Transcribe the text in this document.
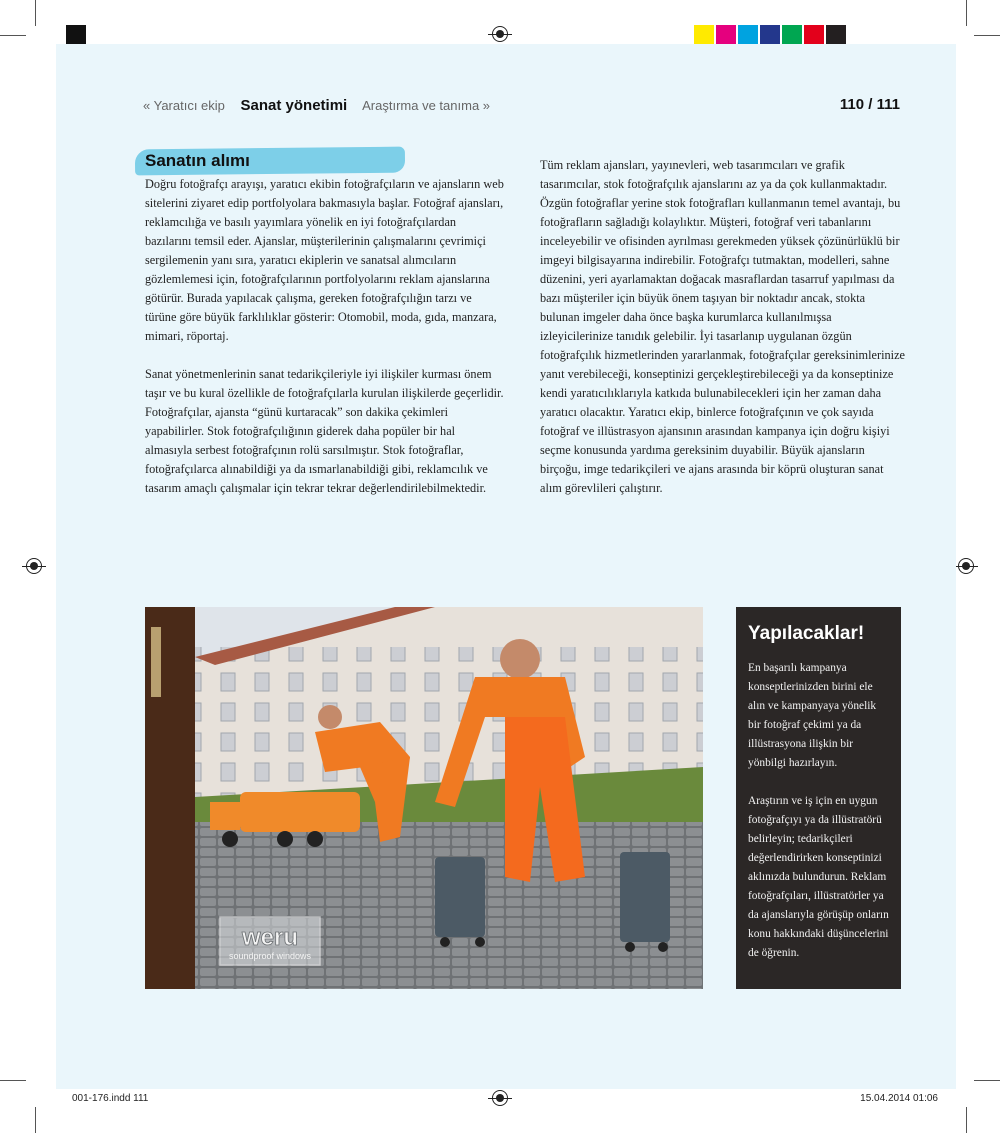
« Yaratıcı ekip Sanat yönetimi Araştırma ve tanıma »	110 / 111
Sanatın alımı

Doğru fotoğrafçı arayışı, yaratıcı ekibin fotoğrafçıların ve ajansların web sitelerini ziyaret edip portfolyolara bakmasıyla başlar. Fotoğraf ajansları, reklamcılığa ve basılı yayımlara yönelik en iyi fotoğrafçılardan bazılarını temsil eder. Ajanslar, müşterilerinin çalışmalarını çevrimiçi sergilemenin yanı sıra, yaratıcı ekiplerin ve sanatsal alımcıların gözlemlemesi için, fotoğrafçılarının portfolyolarını reklam ajanslarına götürür. Burada yapılacak çalışma, gereken fotoğrafçılığın tarzı ve türüne göre büyük farklılıklar gösterir: Otomobil, moda, gıda, manzara, mimari, röportaj.

Sanat yönetmenlerinin sanat tedarikçileriyle iyi ilişkiler kurması önem taşır ve bu kural özellikle de fotoğrafçılarla kurulan ilişkilerde geçerlidir. Fotoğrafçılar, ajansta “günü kurtaracak” son dakika çekimleri yapabilirler. Stok fotoğrafçılığının giderek daha popüler bir hal almasıyla serbest fotoğrafçının rolü sarsılmıştır. Stok fotoğraflar, fotoğrafçılarca alınabildiği ya da ısmarlanabildiği gibi, reklamcılık ve tasarım amaçlı çalışmalar için tekrar tekrar değerlendirilebilmektedir.

Tüm reklam ajansları, yayınevleri, web tasarımcıları ve grafik tasarımcılar, stok fotoğrafçılık ajanslarını az ya da çok kullanmaktadır. Özgün fotoğraflar yerine stok fotoğrafları kullanmanın temel avantajı, bu fotoğrafların sağladığı kolaylıktır. Müşteri, fotoğraf veri tabanlarını inceleyebilir ve ofisinden ayrılması gerekmeden yüksek çözünürlüklü bir imgeyi bilgisayarına indirebilir. Fotoğrafçı tutmaktan, modelleri, sahne düzenini, yeri ayarlamaktan doğacak masraflardan tasarruf yapılması da bazı müşteriler için büyük önem taşıyan bir noktadır ancak, stokta bulunan imgeler daha önce başka kurumlarca kullanılmışsa izleyicilerinize tanıdık gelebilir. İyi tasarlanıp uygulanan özgün fotoğrafçılık hizmetlerinden yararlanmak, fotoğrafçılar gereksinimlerinize yanıt verebileceği, konseptinizi gerçekleştirebileceği ya da konseptinize kendi yaratıcılıklarıyla katkıda bulunabilecekleri için her zaman daha yaratıcı olacaktır. Yaratıcı ekip, binlerce fotoğrafçının ve çok sayıda fotoğraf ve illüstrasyon ajansının arasından kampanya için doğru kişiyi seçme konusunda yardıma gereksinim duyabilir. Büyük ajansların birçoğu, imge tedarikçileri ve ajans arasında bir köprü oluşturan sanat alım görevlileri çalıştırır.

weru
soundproof windows
Yapılacaklar!

En başarılı kampanya konseptlerinizden birini ele alın ve kampanyaya yönelik bir fotoğraf çekimi ya da illüstrasyona ilişkin bir yönbilgi hazırlayın.

Araştırın ve iş için en uygun fotoğrafçıyı ya da illüstratörü belirleyin; tedarikçileri değerlendirirken konseptinizi aklınızda bulundurun. Reklam fotoğrafçıları, illüstratörler ya da ajanslarıyla görüşüp onların konu hakkındaki düşüncelerini de öğrenin.

001-176.indd 111	15.04.2014 01:06
